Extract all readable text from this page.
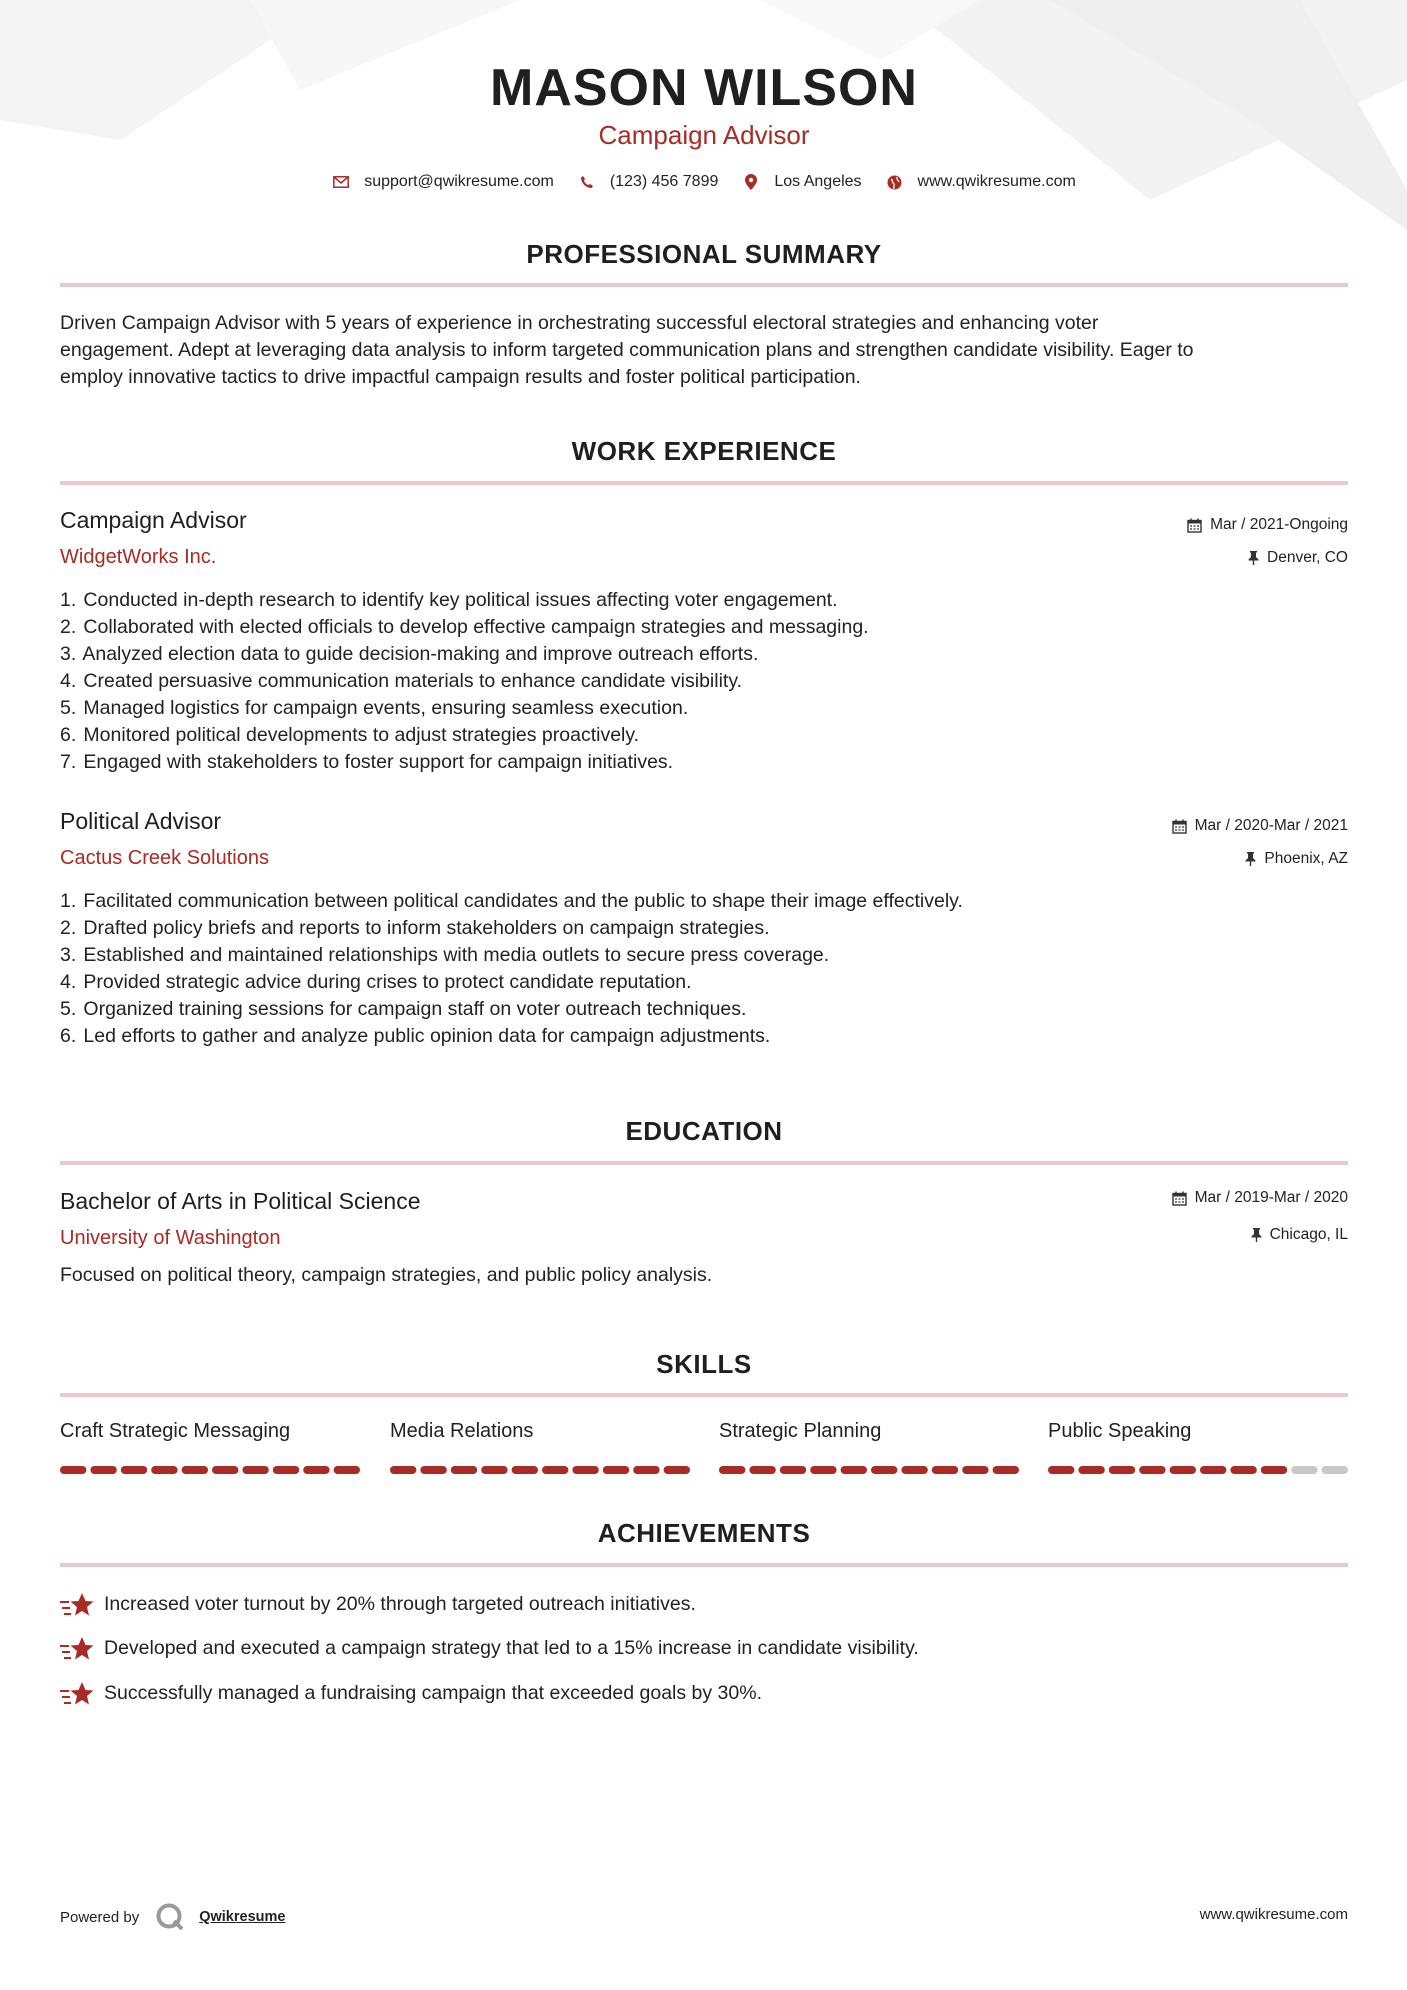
MASON WILSON
Campaign Advisor
support@qwikresume.com	(123) 456 7899	Los Angeles	www.qwikresume.com
PROFESSIONAL SUMMARY
Driven Campaign Advisor with 5 years of experience in orchestrating successful electoral strategies and enhancing voter
engagement. Adept at leveraging data analysis to inform targeted communication plans and strengthen candidate visibility. Eager to
employ innovative tactics to drive impactful campaign results and foster political participation.
WORK EXPERIENCE
Campaign Advisor
WidgetWorks Inc.
Mar / 2021-Ongoing
Denver, CO
1. Conducted in-depth research to identify key political issues affecting voter engagement.
2. Collaborated with elected officials to develop effective campaign strategies and messaging.
3. Analyzed election data to guide decision-making and improve outreach efforts.
4. Created persuasive communication materials to enhance candidate visibility.
5. Managed logistics for campaign events, ensuring seamless execution.
6. Monitored political developments to adjust strategies proactively.
7. Engaged with stakeholders to foster support for campaign initiatives.
Political Advisor
Cactus Creek Solutions
Mar / 2020-Mar / 2021
Phoenix, AZ
1. Facilitated communication between political candidates and the public to shape their image effectively.
2. Drafted policy briefs and reports to inform stakeholders on campaign strategies.
3. Established and maintained relationships with media outlets to secure press coverage.
4. Provided strategic advice during crises to protect candidate reputation.
5. Organized training sessions for campaign staff on voter outreach techniques.
6. Led efforts to gather and analyze public opinion data for campaign adjustments.
EDUCATION
Bachelor of Arts in Political Science
University of Washington
Mar / 2019-Mar / 2020
Chicago, IL
Focused on political theory, campaign strategies, and public policy analysis.
SKILLS
Craft Strategic Messaging	Media Relations	Strategic Planning	Public Speaking
ACHIEVEMENTS
Increased voter turnout by 20% through targeted outreach initiatives.
Developed and executed a campaign strategy that led to a 15% increase in candidate visibility.
Successfully managed a fundraising campaign that exceeded goals by 30%.
Powered by	Qwikresume	www.qwikresume.com
